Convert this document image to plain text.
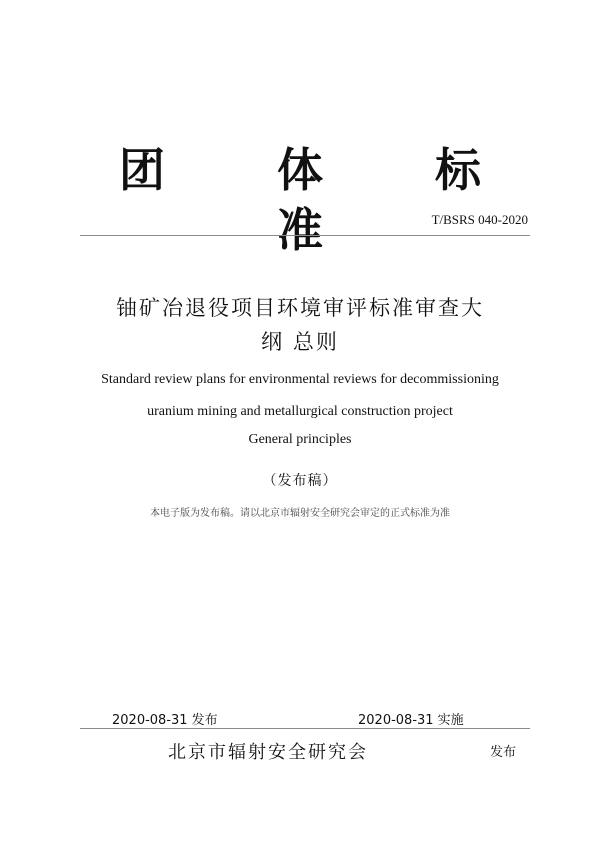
团 体 标 准	T/BSRS 040-2020
铀矿冶退役项目环境审评标准审查大
纲 总则
Standard review plans for environmental reviews for decommissioning
uranium mining and metallurgical construction project
General principles
（发布稿）
本电子版为发布稿。请以北京市辐射安全研究会审定的正式标准为准
2020-08-31 发布	2020-08-31 实施
北京市辐射安全研究会	发布
